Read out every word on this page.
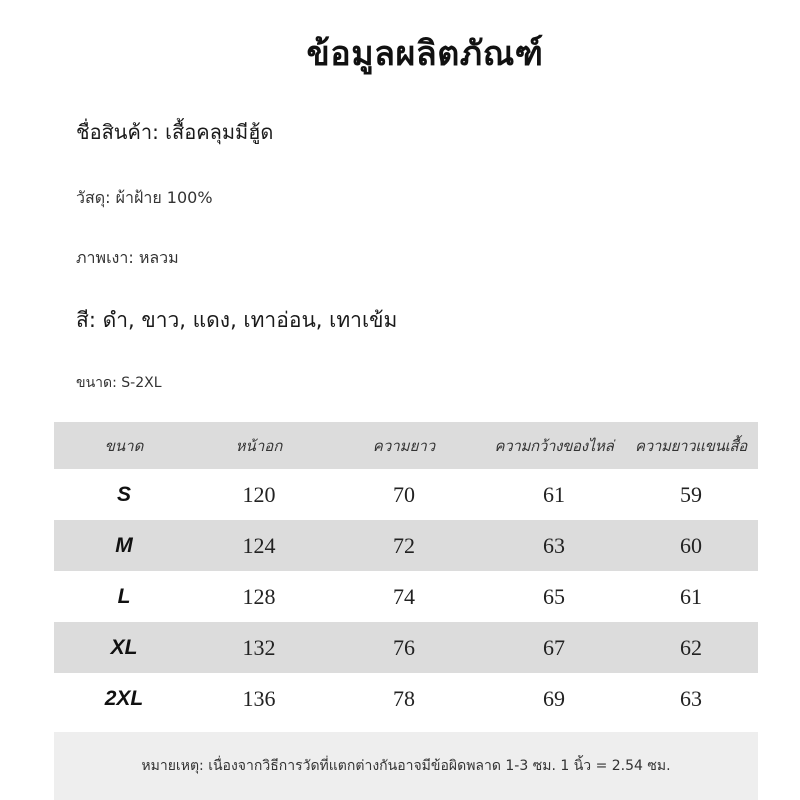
ข้อมูลผลิตภัณฑ์
ชื่อสินค้า: เสื้อคลุมมีฮู้ด
วัสดุ: ผ้าฝ้าย 100%
ภาพเงา: หลวม
สี: ดำ, ขาว, แดง, เทาอ่อน, เทาเข้ม
ขนาด: S-2XL
ขนาด	หน้าอก	ความยาว	ความกว้างของไหล่	ความยาวแขนเสื้อ
S	120	70	61	59
M	124	72	63	60
L	128	74	65	61
XL	132	76	67	62
2XL	136	78	69	63
หมายเหตุ: เนื่องจากวิธีการวัดที่แตกต่างกันอาจมีข้อผิดพลาด 1-3 ซม. 1 นิ้ว = 2.54 ซม.
